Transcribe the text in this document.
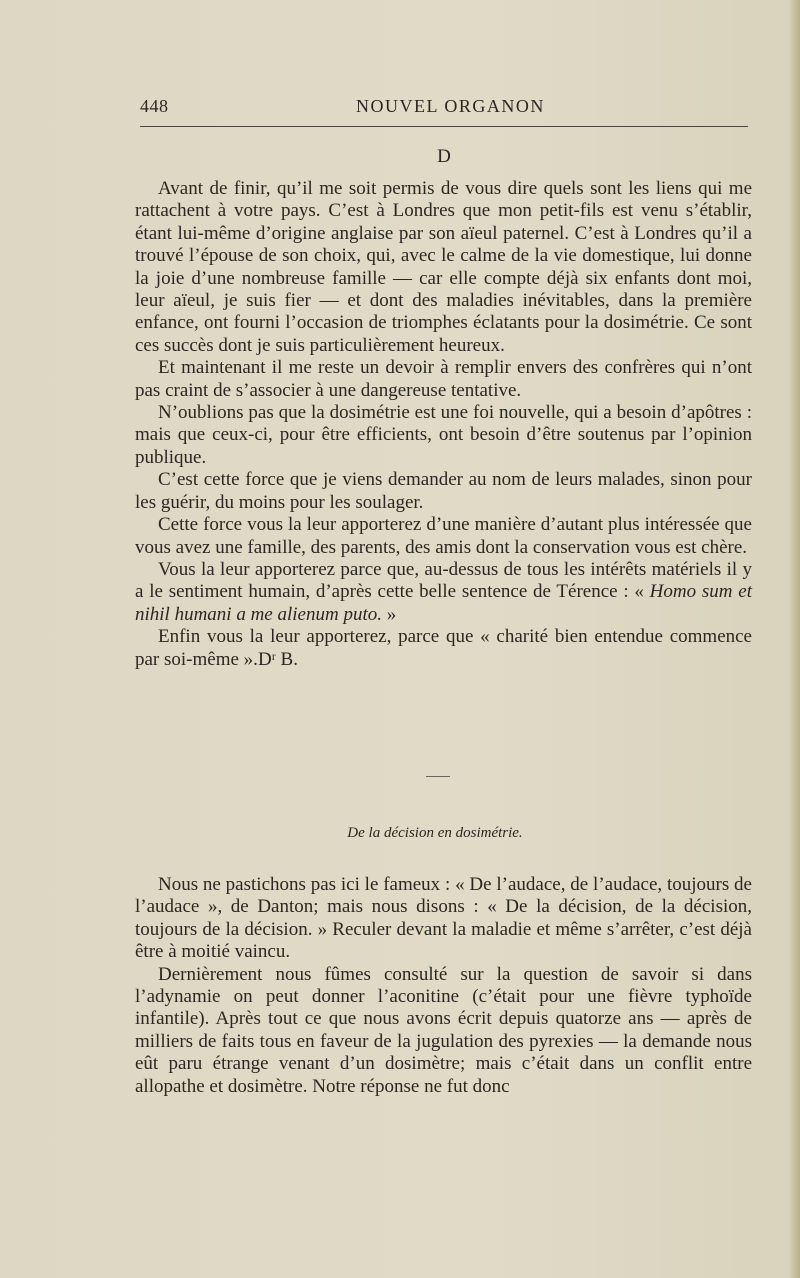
448	NOUVEL ORGANON
D

Avant de finir, qu’il me soit permis de vous dire quels sont les liens qui me rattachent à votre pays. C’est à Londres que mon petit-fils est venu s’établir, étant lui-même d’origine anglaise par son aïeul paternel. C’est à Londres qu’il a trouvé l’épouse de son choix, qui, avec le calme de la vie domestique, lui donne la joie d’une nombreuse famille — car elle compte déjà six enfants dont moi, leur aïeul, je suis fier — et dont des maladies inévitables, dans la première enfance, ont fourni l’occasion de triomphes éclatants pour la dosimétrie. Ce sont ces succès dont je suis particulièrement heureux.

Et maintenant il me reste un devoir à remplir envers des confrères qui n’ont pas craint de s’associer à une dangereuse tentative.

N’oublions pas que la dosimétrie est une foi nouvelle, qui a besoin d’apôtres : mais que ceux-ci, pour être efficients, ont besoin d’être soutenus par l’opinion publique.

C’est cette force que je viens demander au nom de leurs malades, sinon pour les guérir, du moins pour les soulager.

Cette force vous la leur apporterez d’une manière d’autant plus intéressée que vous avez une famille, des parents, des amis dont la conservation vous est chère.

Vous la leur apporterez parce que, au-dessus de tous les intérêts matériels il y a le sentiment humain, d’après cette belle sentence de Térence : « Homo sum et nihil humani a me alienum puto. »

Enfin vous la leur apporterez, parce que « charité bien entendue commence par soi-même ».Dʳ B.

De la décision en dosimétrie.

Nous ne pastichons pas ici le fameux : « De l’audace, de l’audace, toujours de l’audace », de Danton; mais nous disons : « De la décision, de la décision, toujours de la décision. » Reculer devant la maladie et même s’arrêter, c’est déjà être à moitié vaincu.

Dernièrement nous fûmes consulté sur la question de savoir si dans l’adynamie on peut donner l’aconitine (c’était pour une fièvre typhoïde infantile). Après tout ce que nous avons écrit depuis quatorze ans — après de milliers de faits tous en faveur de la jugulation des pyrexies — la demande nous eût paru étrange venant d’un dosimètre; mais c’était dans un conflit entre allopathe et dosimètre. Notre réponse ne fut donc
